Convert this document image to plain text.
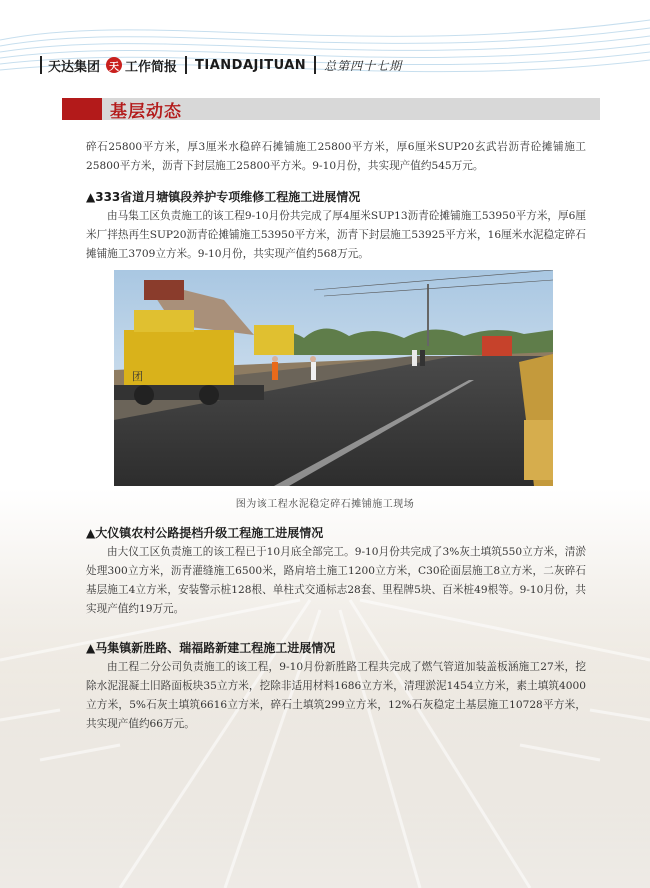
天达集团 天 工作简报 TIANDAJITUAN 总第四十七期
基层动态
碎石25800平方米，厚3厘米水稳碎石摊铺施工25800平方米，厚6厘米SUP20玄武岩沥青砼摊铺施工25800平方米，沥青下封层施工25800平方米。9-10月份，共实现产值约545万元。
▲333省道月塘镇段养护专项维修工程施工进展情况
由马集工区负责施工的该工程9-10月份共完成了厚4厘米SUP13沥青砼摊铺施工53950平方米，厚6厘米厂拌热再生SUP20沥青砼摊铺施工53950平方米，沥青下封层施工53925平方米，16厘米水泥稳定碎石摊铺施工3709立方米。9-10月份，共实现产值约568万元。
团
图为该工程水泥稳定碎石摊铺施工现场
▲大仪镇农村公路提档升级工程施工进展情况
由大仪工区负责施工的该工程已于10月底全部完工。9-10月份共完成了3%灰土填筑550立方米，清淤处理300立方米，沥青灌缝施工6500米，路肩培土施工1200立方米，C30砼面层施工8立方米，二灰碎石基层施工4立方米，安装警示桩128根、单柱式交通标志28套、里程牌5块、百米桩49根等。9-10月份，共实现产值约19万元。
▲马集镇新胜路、瑞福路新建工程施工进展情况
由工程二分公司负责施工的该工程，9-10月份新胜路工程共完成了燃气管道加装盖板涵施工27米，挖除水泥混凝土旧路面板块35立方米，挖除非适用材料1686立方米，清理淤泥1454立方米，素土填筑4000立方米，5%石灰土填筑6616立方米，碎石土填筑299立方米，12%石灰稳定土基层施工10728平方米，共实现产值约66万元。
